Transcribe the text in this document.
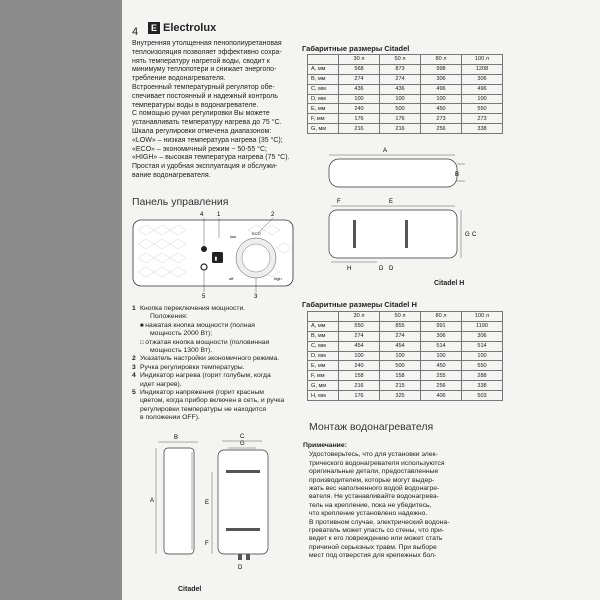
4	E Electrolux
Внутренняя утолщенная пенополиуретановая
теплоизоляция позволяет эффективно сохра-
нять температуру нагретой воды, сводит к
минимуму теплопотери и снижает энергопо-
требление водонагревателя.
Встроенный температурный регулятор обе-
спечивает постоянный и надежный контроль
температуры воды в водонагревателе.
С помощью ручки регулировки Вы можете
устанавливать температуру нагрева до 75 °C.
Шкала регулировки отмечена диапазоном:
«LOW» – низкая температура нагрева (35 °C);
«ECO» – экономичный режим ~ 50-55 °C;
«HIGH» – высокая температура нагрева (75 °C).
Простая и удобная эксплуатация и обслужи-
вание водонагревателя.
Панель управления
4 1	2
▮
low
ECO
off	high
5	3
1 Кнопка переключения мощности.
Положения:
■ нажатая кнопка мощности (полная
мощность 2000 Вт);
□ отжатая кнопка мощности (половинная
мощность 1300 Вт).
2 Указатель настройки экономичного режима.
3 Ручка регулировки температуры.
4 Индикатор нагрева (горит голубым, когда
идет нагрев).
5 Индикатор напряжения (горит красным
цветом, когда прибор включен в сеть, и ручка
регулировки температуры не находится
в положении OFF).
B	C
G
A	E
F
D
Citadel
Габаритные размеры Citadel
	30 л	50 л	80 л	100 л
A, мм	568	873	998	1208
B, мм	274	274	306	306
C, мм	436	436	496	496
D, мм	100	100	100	100
E, мм	240	500	450	550
F, мм	176	176	273	273
G, мм	216	216	256	338
A
B
F	E
G C
H	D D
Citadel H
Габаритные размеры Citadel H
	30 л	50 л	80 л	100 л
A, мм	550	855	991	1190
B, мм	274	274	306	306
C, мм	454	454	514	514
D, мм	100	100	100	100
E, мм	240	500	450	550
F, мм	158	158	255	288
G, мм	216	215	256	338
H, мм	176	325	406	503
Монтаж водонагревателя
Примечание:
Удостоверьтесь, что для установки элек-
трического водонагревателя используются
оригинальные детали, предоставленные
производителем, которые могут выдер-
жать вес наполненного водой водонагре-
вателя. Не устанавливайте водонагрева-
тель на крепление, пока не убедитесь,
что крепление установлено надежно.
В противном случае, электрический водона-
греватель может упасть со стены, что при-
ведет к его повреждению или может стать
причиной серьезных травм. При выборе
мест под отверстия для крепежных бол-
